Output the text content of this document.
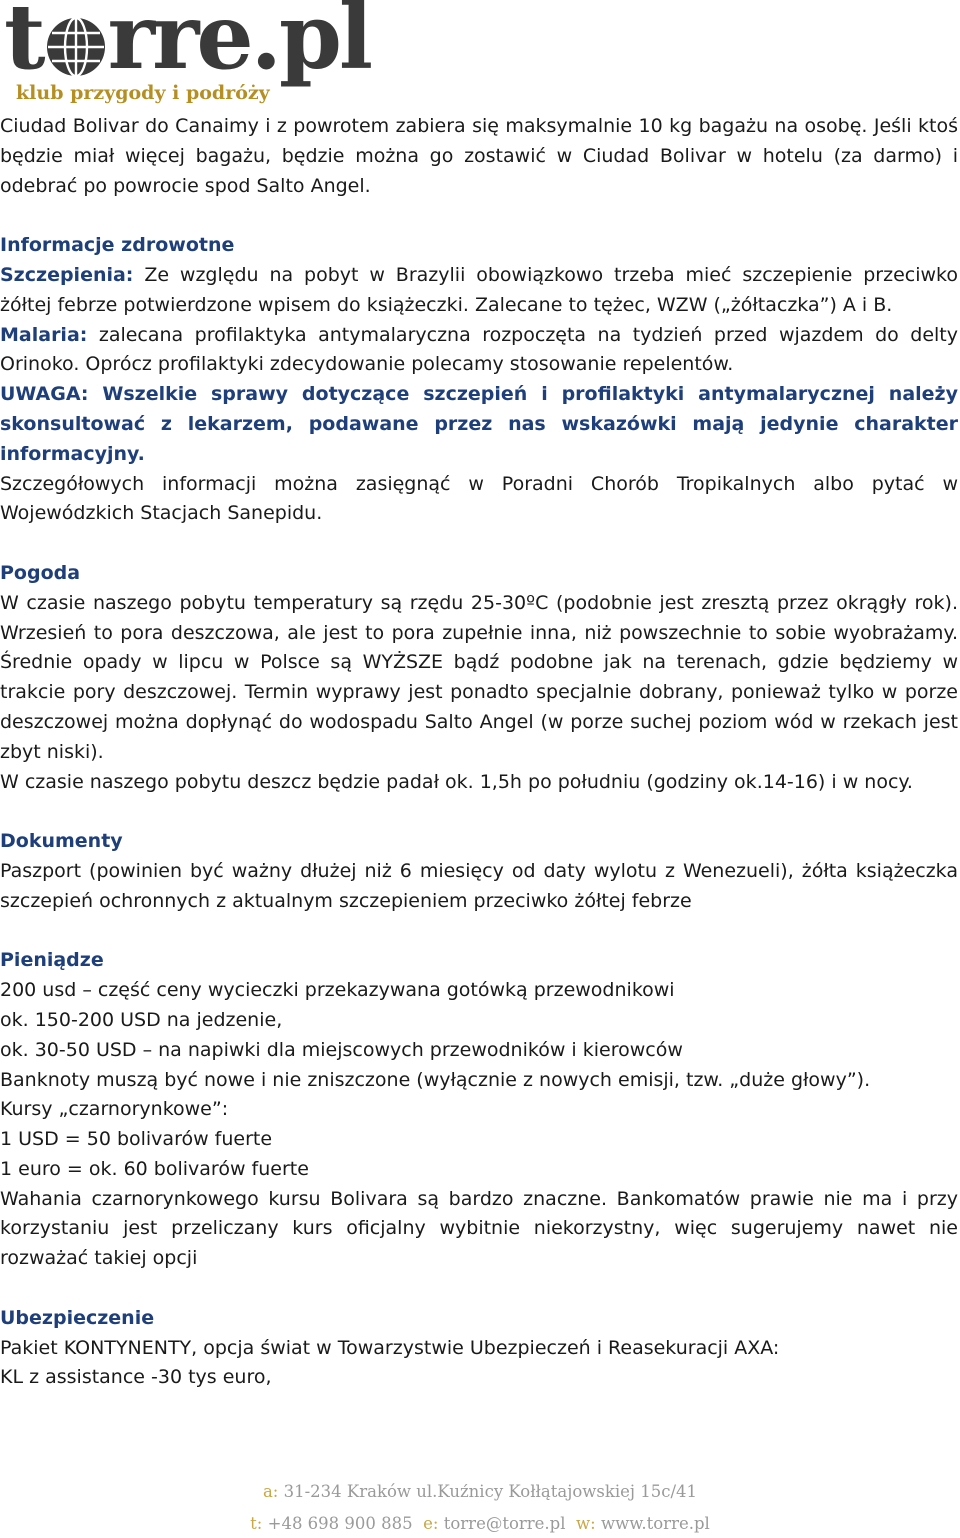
t rre.pl
klub przygody i podróży

Ciudad Bolivar do Canaimy i z powrotem zabiera się maksymalnie 10 kg bagażu na osobę. Jeśli ktoś będzie miał więcej bagażu, będzie można go zostawić w Ciudad Bolivar w hotelu (za darmo) i odebrać po powrocie spod Salto Angel.

Informacje zdrowotne

Szczepienia: Ze względu na pobyt w Brazylii obowiązkowo trzeba mieć szczepienie przeciwko żółtej febrze potwierdzone wpisem do książeczki. Zalecane to tężec, WZW („żółtaczka”) A i B.

Malaria: zalecana profilaktyka antymalaryczna rozpoczęta na tydzień przed wjazdem do delty Orinoko. Oprócz profilaktyki zdecydowanie polecamy stosowanie repelentów.

UWAGA: Wszelkie sprawy dotyczące szczepień i profilaktyki antymalarycznej należy skonsultować z lekarzem, podawane przez nas wskazówki mają jedynie charakter informacyjny.

Szczegółowych informacji można zasięgnąć w Poradni Chorób Tropikalnych albo pytać w Wojewódzkich Stacjach Sanepidu.

Pogoda

W czasie naszego pobytu temperatury są rzędu 25-30ºC (podobnie jest zresztą przez okrągły rok). Wrzesień to pora deszczowa, ale jest to pora zupełnie inna, niż powszechnie to sobie wyobrażamy. Średnie opady w lipcu w Polsce są WYŻSZE bądź podobne jak na terenach, gdzie będziemy w trakcie pory deszczowej. Termin wyprawy jest ponadto specjalnie dobrany, ponieważ tylko w porze deszczowej można dopłynąć do wodospadu Salto Angel (w porze suchej poziom wód w rzekach jest zbyt niski).

W czasie naszego pobytu deszcz będzie padał ok. 1,5h po południu (godziny ok.14-16) i w nocy.

Dokumenty

Paszport (powinien być ważny dłużej niż 6 miesięcy od daty wylotu z Wenezueli), żółta książeczka szczepień ochronnych z aktualnym szczepieniem przeciwko żółtej febrze

Pieniądze

200 usd – część ceny wycieczki przekazywana gotówką przewodnikowi

ok. 150-200 USD na jedzenie,

ok. 30-50 USD – na napiwki dla miejscowych przewodników i kierowców

Banknoty muszą być nowe i nie zniszczone (wyłącznie z nowych emisji, tzw. „duże głowy”).

Kursy „czarnorynkowe”:

1 USD = 50 bolivarów fuerte

1 euro = ok. 60 bolivarów fuerte

Wahania czarnorynkowego kursu Bolivara są bardzo znaczne. Bankomatów prawie nie ma i przy korzystaniu jest przeliczany kurs oficjalny wybitnie niekorzystny, więc sugerujemy nawet nie rozważać takiej opcji

Ubezpieczenie

Pakiet KONTYNENTY, opcja świat w Towarzystwie Ubezpieczeń i Reasekuracji AXA:

KL z assistance -30 tys euro,

a: 31-234 Kraków ul.Kuźnicy Kołłątajowskiej 15c/41
t: +48 698 900 885 e: torre@torre.pl w: www.torre.pl
